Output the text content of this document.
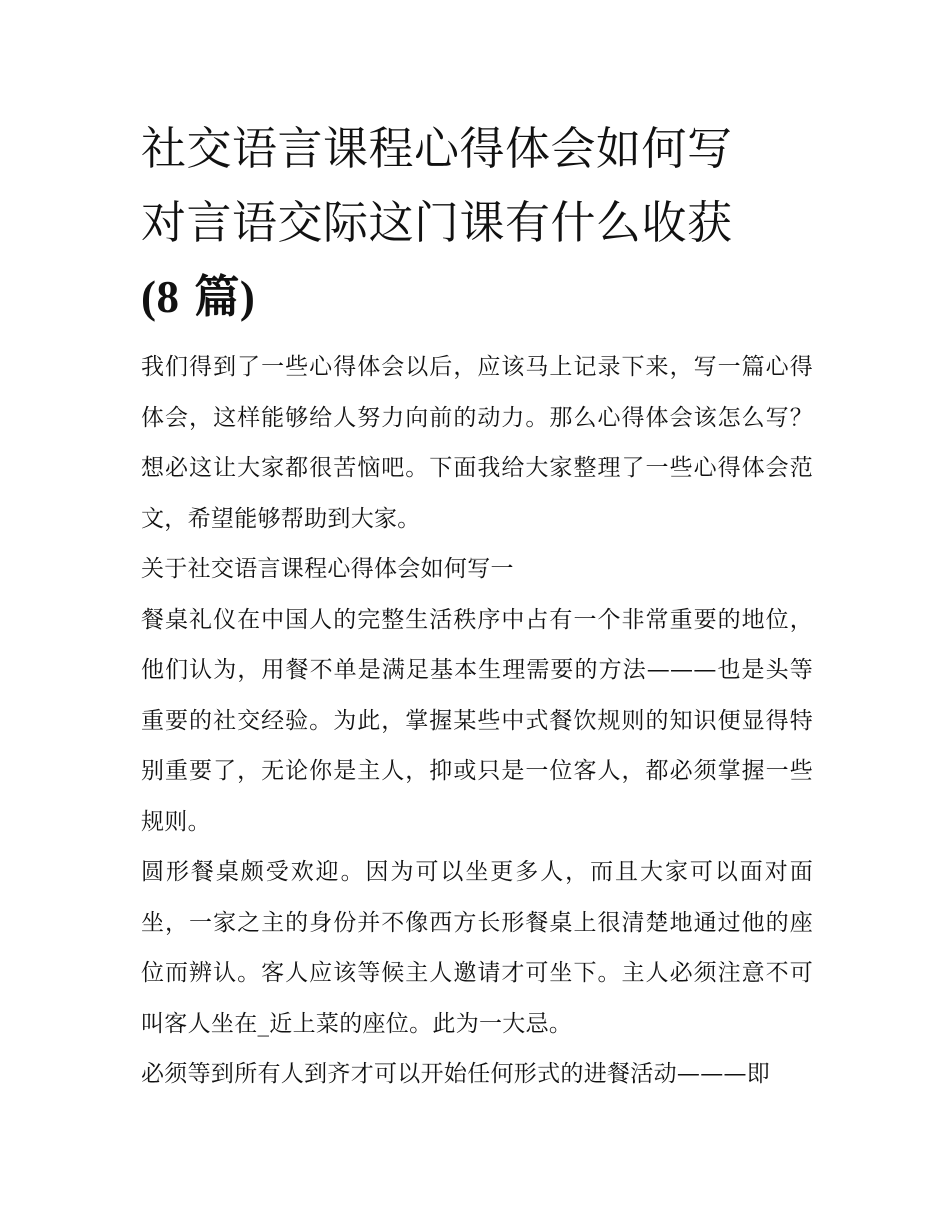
社交语言课程心得体会如何写
对言语交际这门课有什么收获
(8 篇)

我们得到了一些心得体会以后，应该马上记录下来，写一篇心得体会，这样能够给人努力向前的动力。那么心得体会该怎么写？想必这让大家都很苦恼吧。下面我给大家整理了一些心得体会范文，希望能够帮助到大家。

关于社交语言课程心得体会如何写一

餐桌礼仪在中国人的完整生活秩序中占有一个非常重要的地位，他们认为，用餐不单是满足基本生理需要的方法———也是头等重要的社交经验。为此，掌握某些中式餐饮规则的知识便显得特别重要了，无论你是主人，抑或只是一位客人，都必须掌握一些规则。

圆形餐桌颇受欢迎。因为可以坐更多人，而且大家可以面对面坐，一家之主的身份并不像西方长形餐桌上很清楚地通过他的座位而辨认。客人应该等候主人邀请才可坐下。主人必须注意不可叫客人坐在_近上菜的座位。此为一大忌。

必须等到所有人到齐才可以开始任何形式的进餐活动———即
